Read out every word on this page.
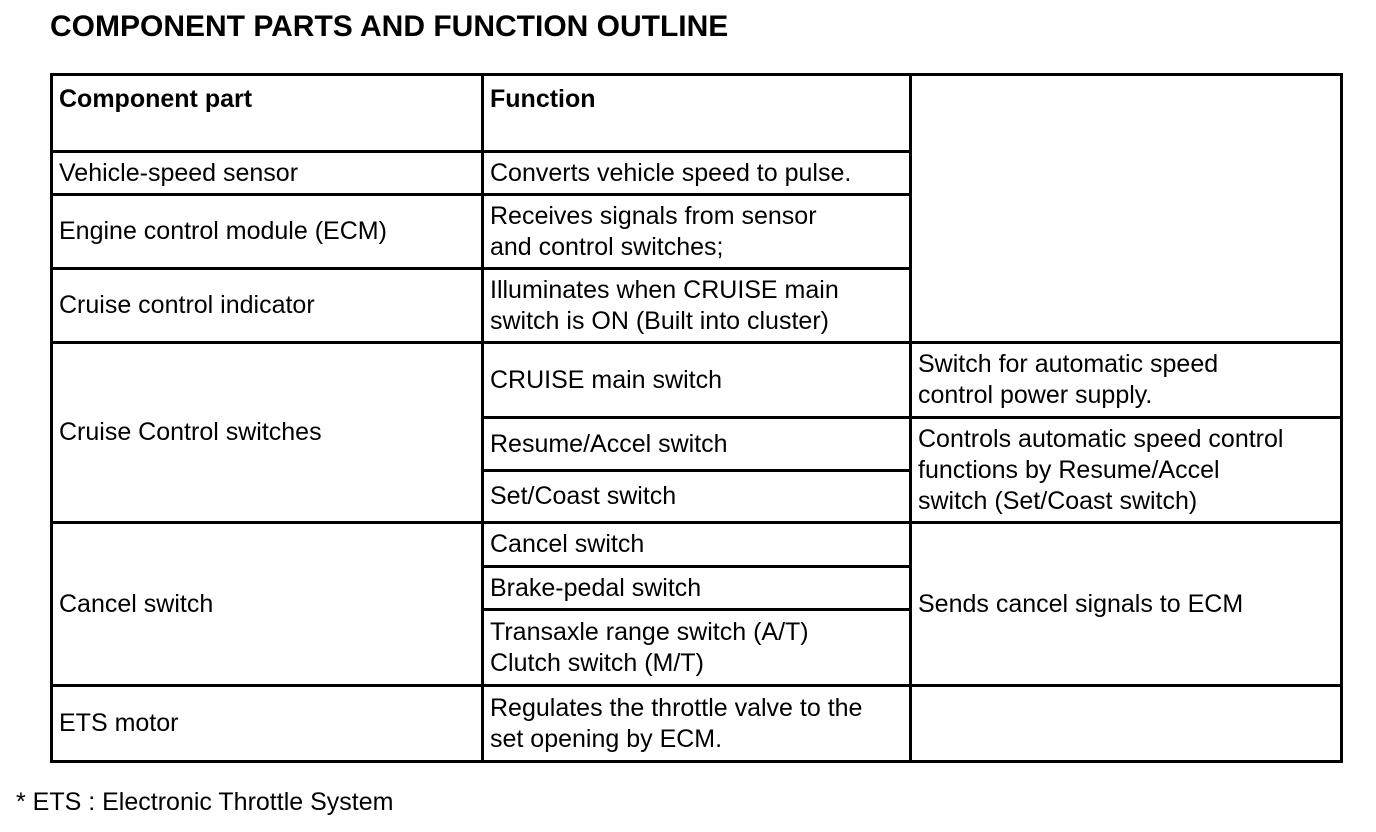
COMPONENT PARTS AND FUNCTION OUTLINE
Component part	Function	
Vehicle-speed sensor	Converts vehicle speed to pulse.	
Engine control module (ECM)	Receives signals from sensor
and control switches;	
Cruise control indicator	Illuminates when CRUISE main
switch is ON (Built into cluster)	
Cruise Control switches	CRUISE main switch	Switch for automatic speed
control power supply.
	Resume/Accel switch	Controls automatic speed control
functions by Resume/Accel
switch (Set/Coast switch)
	Set/Coast switch	
Cancel switch	Cancel switch	Sends cancel signals to ECM
	Brake-pedal switch	
	Transaxle range switch (A/T)
Clutch switch (M/T)	
ETS motor	Regulates the throttle valve to the
set opening by ECM.	
* ETS : Electronic Throttle System
